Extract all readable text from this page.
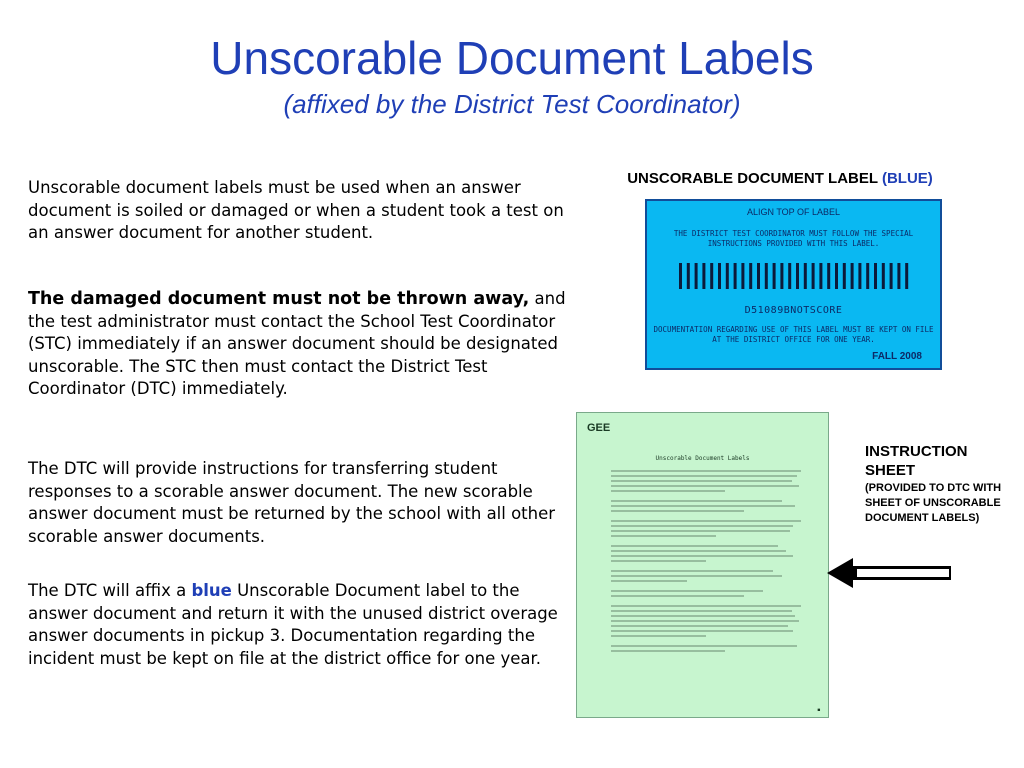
Unscorable Document Labels
(affixed by the District Test Coordinator)
Unscorable document labels must be used when an answer document is soiled or damaged or when a student took a test on an answer document for another student.
The damaged document must not be thrown away, and the test administrator must contact the School Test Coordinator (STC) immediately if an answer document should be designated unscorable. The STC then must contact the District Test Coordinator (DTC) immediately.
The DTC will provide instructions for transferring student responses to a scorable answer document. The new scorable answer document must be returned by the school with all other scorable answer documents.
The DTC will affix a blue Unscorable Document label to the answer document and return it with the unused district overage answer documents in pickup 3. Documentation regarding the incident must be kept on file at the district office for one year.
UNSCORABLE DOCUMENT LABEL (BLUE)
ALIGN TOP OF LABEL
THE DISTRICT TEST COORDINATOR MUST FOLLOW THE SPECIAL INSTRUCTIONS PROVIDED WITH THIS LABEL.
D51089BNOTSCORE
DOCUMENTATION REGARDING USE OF THIS LABEL MUST BE KEPT ON FILE AT THE DISTRICT OFFICE FOR ONE YEAR.
FALL 2008
GEE
Unscorable Document Labels
■
INSTRUCTION SHEET
(PROVIDED TO DTC WITH SHEET OF UNSCORABLE DOCUMENT LABELS)
